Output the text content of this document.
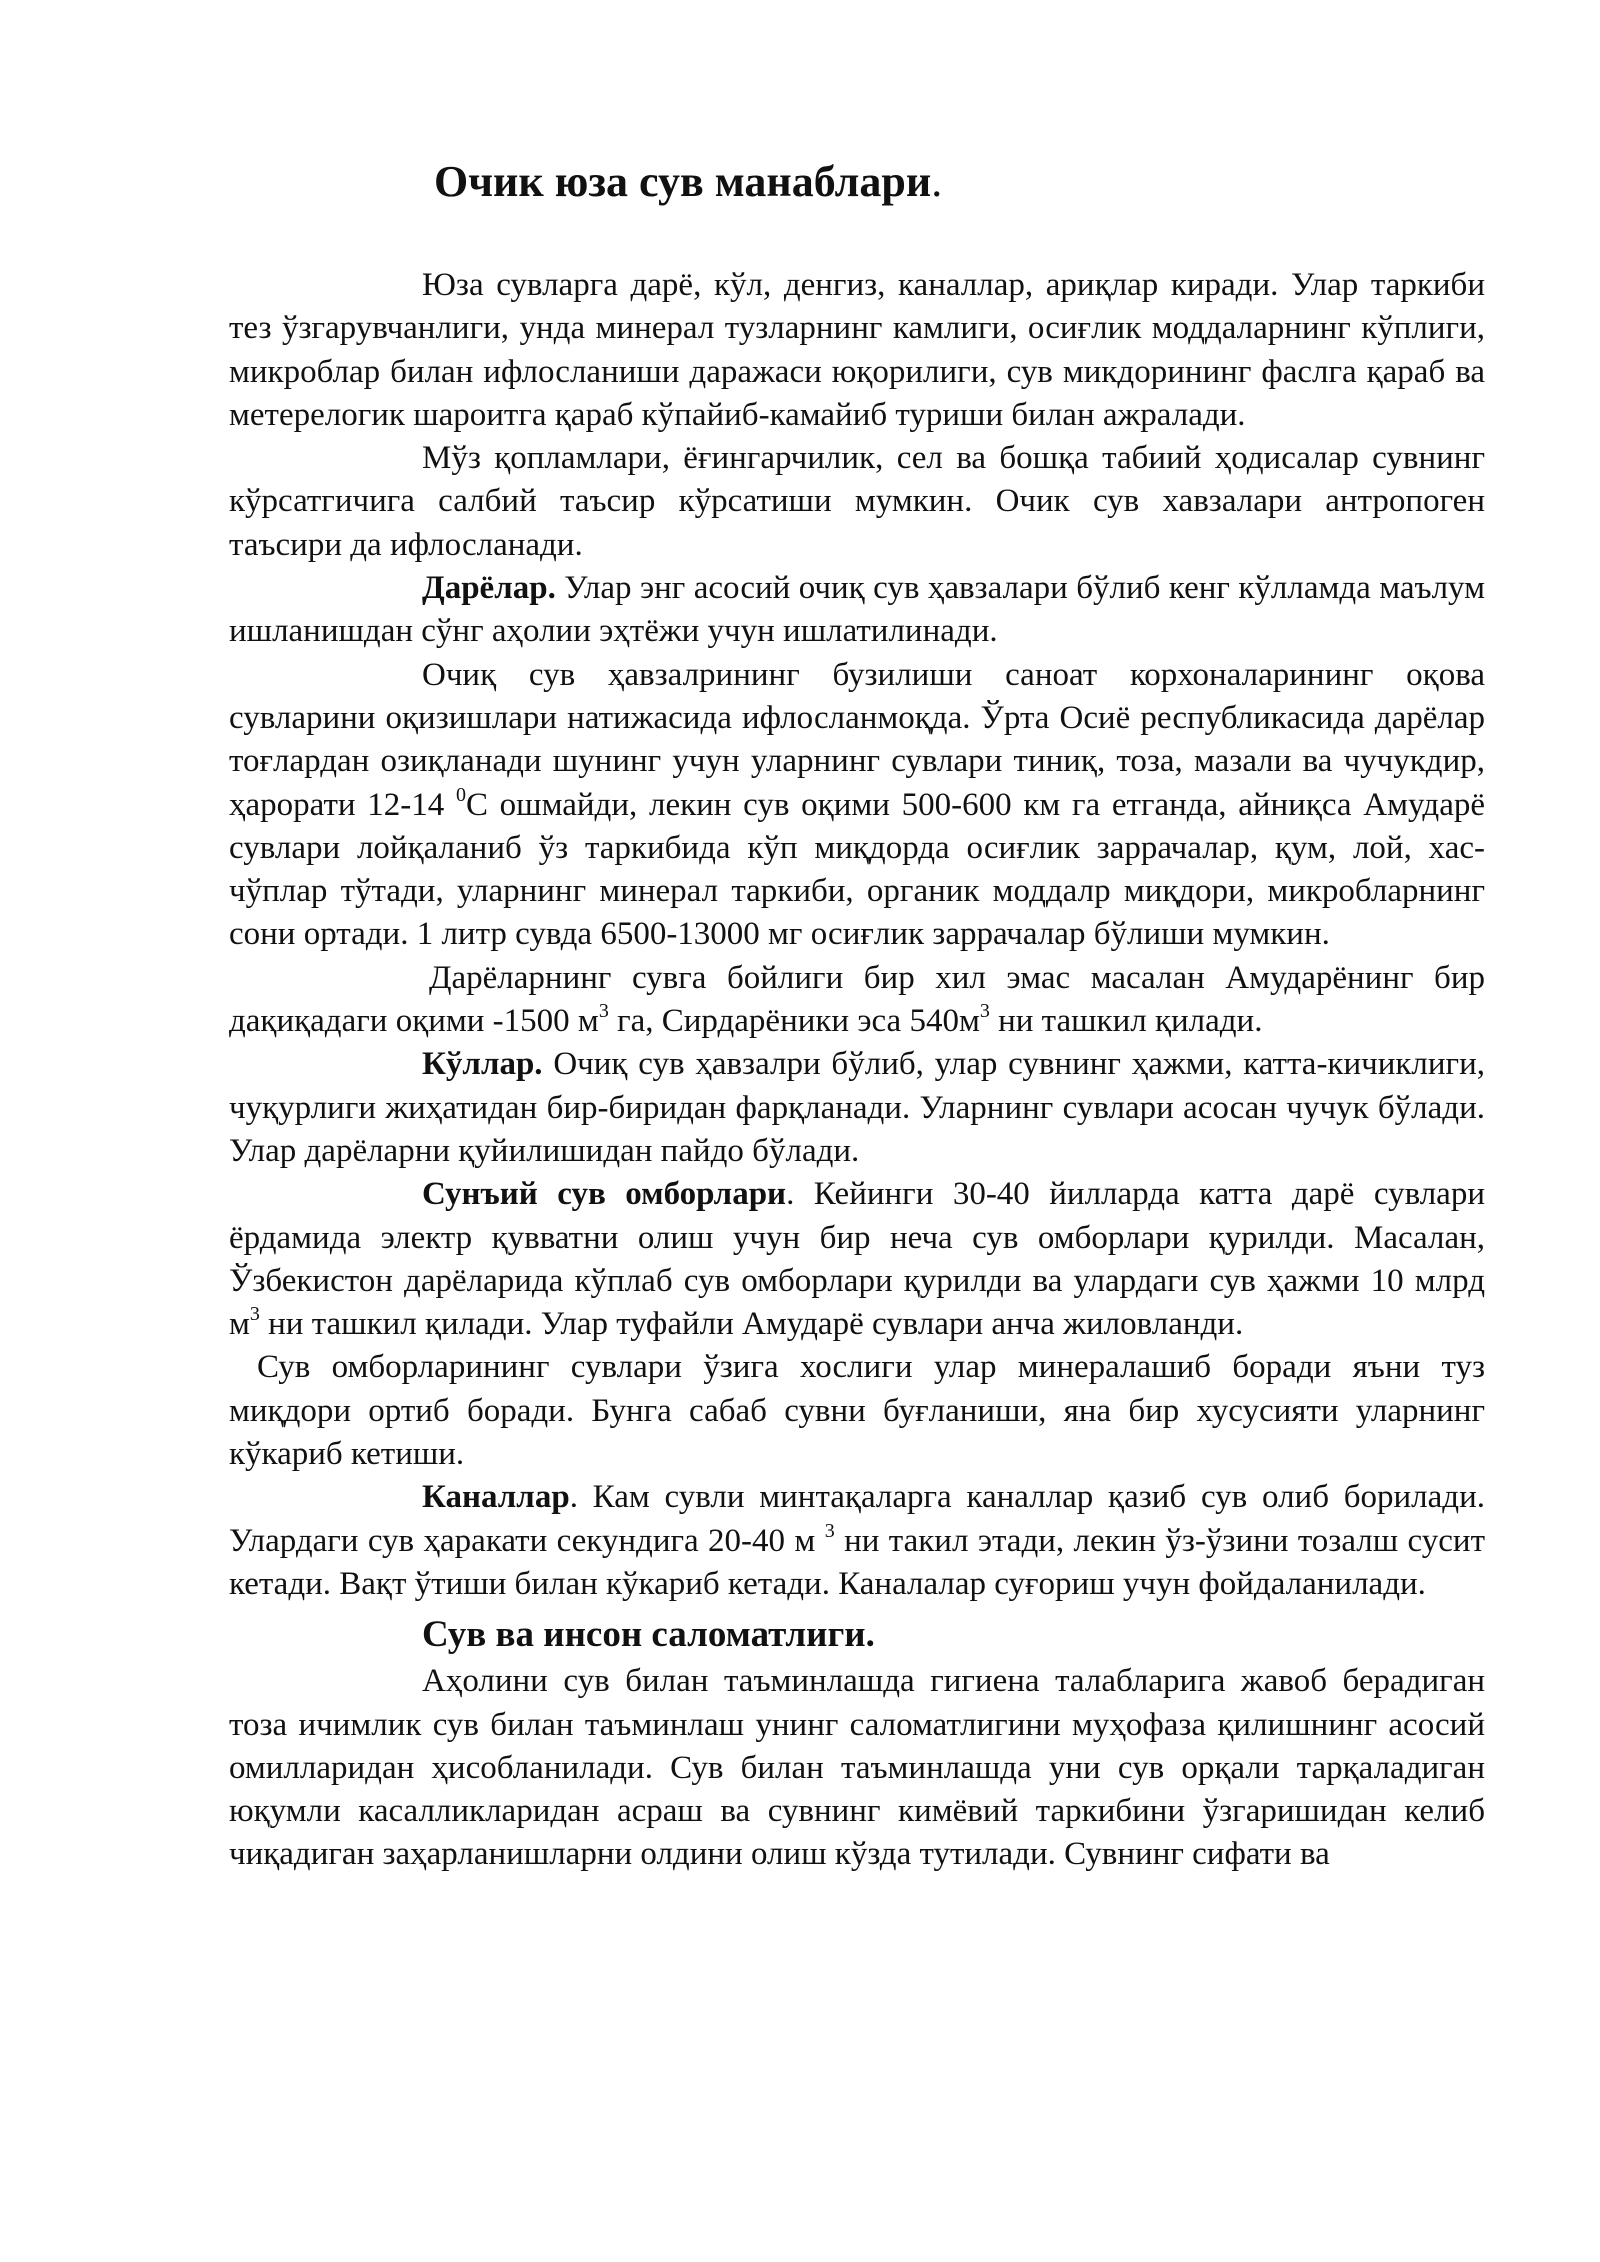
Очик юза сув манаблари.

Юза сувларга дарё, кўл, денгиз, каналлар, ариқлар киради. Улар таркиби тез ўзгарувчанлиги, унда минерал тузларнинг камлиги, осиғлик моддаларнинг кўплиги, микроблар билан ифлосланиши даражаси юқорилиги, сув микдорининг фаслга қараб ва метерелогик шароитга қараб кўпайиб-камайиб туриши билан ажралади.

Мўз қопламлари, ёғингарчилик, сел ва бошқа табиий ҳодисалар сувнинг кўрсатгичига салбий таъсир кўрсатиши мумкин. Очик сув хавзалари антропоген таъсири да ифлосланади.

Дарёлар. Улар энг асосий очиқ сув ҳавзалари бўлиб кенг кўлламда маълум ишланишдан сўнг аҳолии эҳтёжи учун ишлатилинади.

Очиқ сув ҳавзалрининг бузилиши саноат корхоналарининг оқова сувларини оқизишлари натижасида ифлосланмоқда. Ўрта Осиё республикасида дарёлар тоғлардан озиқланади шунинг учун уларнинг сувлари тиниқ, тоза, мазали ва чучукдир, ҳарорати 12-14 $^0$С ошмайди, лекин сув оқими 500-600 км га етганда, айниқса Амударё сувлари лойқаланиб ўз таркибида кўп миқдорда осиғлик заррачалар, қум, лой, хас-чўплар тўтади, уларнинг минерал таркиби, органик моддалр миқдори, микробларнинг сони ортади. 1 литр сувда 6500-13000 мг осиғлик заррачалар бўлиши мумкин.

Дарёларнинг сувга бойлиги бир хил эмас масалан Амударёнинг бир дақиқадаги оқими -1500 $м^3$ га, Сирдарёники эса $540м^3$ ни ташкил қилади.

Кўллар. Очиқ сув ҳавзалри бўлиб, улар сувнинг ҳажми, катта-кичиклиги, чуқурлиги жиҳатидан бир-биридан фарқланади. Уларнинг сувлари асосан чучук бўлади. Улар дарёларни қуйилишидан пайдо бўлади.

Сунъий сув омборлари. Кейинги 30-40 йилларда катта дарё сувлари ёрдамида электр қувватни олиш учун бир неча сув омборлари қурилди. Масалан, Ўзбекистон дарёларида кўплаб сув омборлари қурилди ва улардаги сув ҳажми 10 млрд $м^3$ ни ташкил қилади. Улар туфайли Амударё сувлари анча жиловланди.

Сув омборларининг сувлари ўзига хослиги улар минералашиб боради яъни туз миқдори ортиб боради. Бунга сабаб сувни буғланиши, яна бир хусусияти уларнинг кўкариб кетиши.

Каналлар. Кам сувли минтақаларга каналлар қазиб сув олиб борилади. Улардаги сув ҳаракати секундига 20-40 м $^3$ ни такил этади, лекин ўз-ўзини тозалш сусит кетади. Вақт ўтиши билан кўкариб кетади. Каналалар суғориш учун фойдаланилади.

Сув ва инсон саломатлиги.

Аҳолини сув билан таъминлашда гигиена талабларига жавоб берадиган тоза ичимлик сув билан таъминлаш унинг саломатлигини муҳофаза қилишнинг асосий омилларидан ҳисобланилади. Сув билан таъминлашда уни сув орқали тарқаладиган юқумли касалликларидан асраш ва сувнинг кимёвий таркибини ўзгаришидан келиб чиқадиган заҳарланишларни олдини олиш кўзда тутилади. Сувнинг сифати ва
